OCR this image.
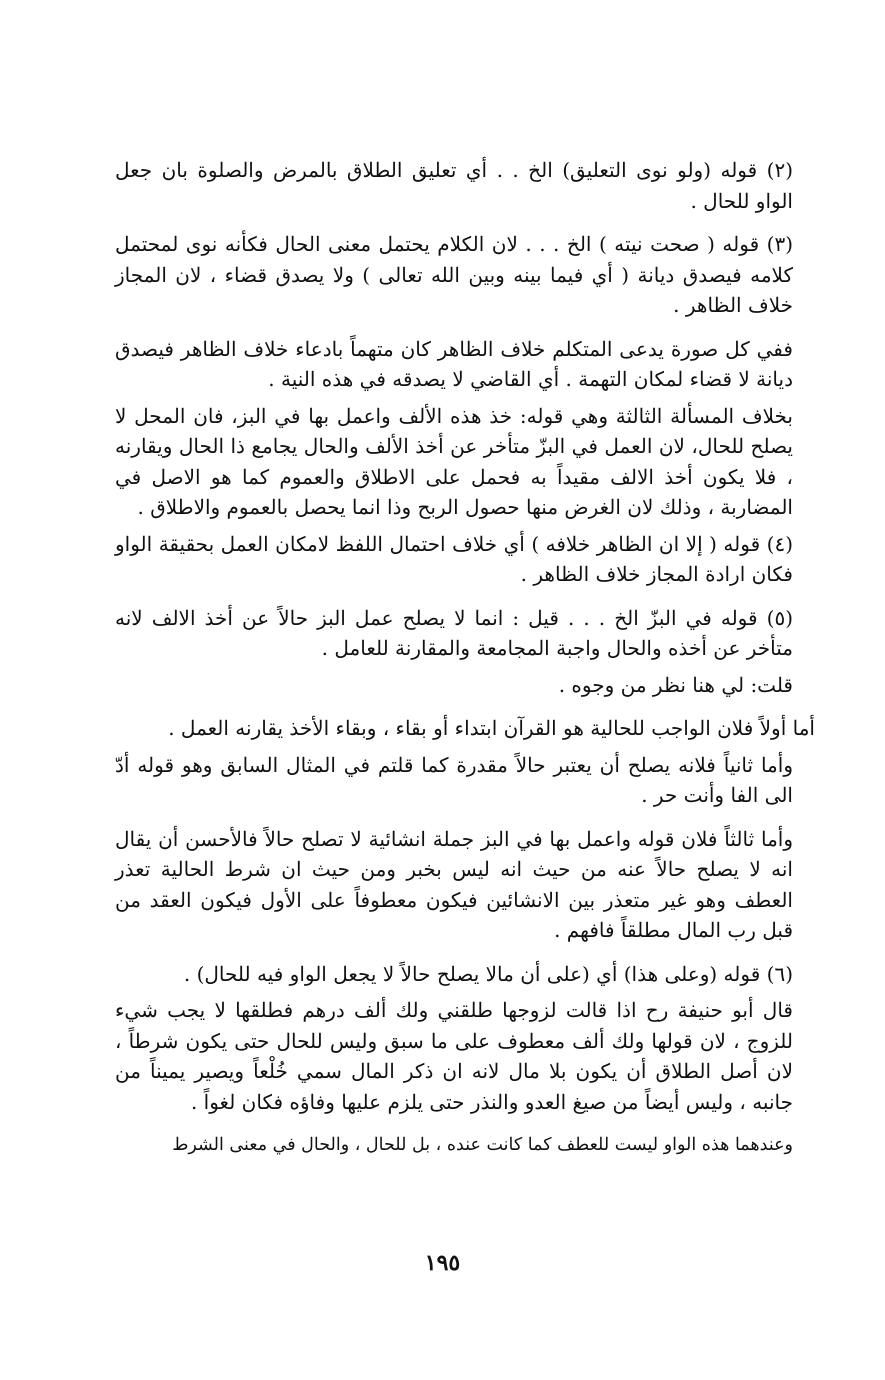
(٢) قوله (ولو نوى التعليق) الخ . . أي تعليق الطلاق بالمرض والصلوة بان جعل الواو للحال .

(٣) قوله ( صحت نيته ) الخ . . . لان الكلام يحتمل معنى الحال فكأنه نوى لمحتمل كلامه فيصدق ديانة ( أي فيما بينه وبين الله تعالى ) ولا يصدق قضاء ، لان المجاز خلاف الظاهر .

ففي كل صورة يدعى المتكلم خلاف الظاهر كان متهماً بادعاء خلاف الظاهر فيصدق ديانة لا قضاء لمكان التهمة . أي القاضي لا يصدقه في هذه النية .

بخلاف المسألة الثالثة وهي قوله: خذ هذه الألف واعمل بها في البز، فان المحل لا يصلح للحال، لان العمل في البزّ متأخر عن أخذ الألف والحال يجامع ذا الحال ويقارنه ، فلا يكون أخذ الالف مقيداً به فحمل على الاطلاق والعموم كما هو الاصل في المضاربة ، وذلك لان الغرض منها حصول الربح وذا انما يحصل بالعموم والاطلاق .

(٤) قوله ( إلا ان الظاهر خلافه ) أي خلاف احتمال اللفظ لامكان العمل بحقيقة الواو فكان ارادة المجاز خلاف الظاهر .

(٥) قوله في البزّ الخ . . . قيل : انما لا يصلح عمل البز حالاً عن أخذ الالف لانه متأخر عن أخذه والحال واجبة المجامعة والمقارنة للعامل .

قلت: لي هنا نظر من وجوه .

أما أولاً فلان الواجب للحالية هو القرآن ابتداء أو بقاء ، وبقاء الأخذ يقارنه العمل .

وأما ثانياً فلانه يصلح أن يعتبر حالاً مقدرة كما قلتم في المثال السابق وهو قوله أدّ الى الفا وأنت حر .

وأما ثالثاً فلان قوله واعمل بها في البز جملة انشائية لا تصلح حالاً فالأحسن أن يقال انه لا يصلح حالاً عنه من حيث انه ليس بخبر ومن حيث ان شرط الحالية تعذر العطف وهو غير متعذر بين الانشائين فيكون معطوفاً على الأول فيكون العقد من قبل رب المال مطلقاً فافهم .

(٦) قوله (وعلى هذا) أي (على أن مالا يصلح حالاً لا يجعل الواو فيه للحال) .

قال أبو حنيفة رح اذا قالت لزوجها طلقني ولك ألف درهم فطلقها لا يجب شيء للزوج ، لان قولها ولك ألف معطوف على ما سبق وليس للحال حتى يكون شرطاً ، لان أصل الطلاق أن يكون بلا مال لانه ان ذكر المال سمي خُلْعاً ويصير يميناً من جانبه ، وليس أيضاً من صيغ العدو والنذر حتى يلزم عليها وفاؤه فكان لغواً .

وعندهما هذه الواو ليست للعطف كما كانت عنده ، بل للحال ، والحال في معنى الشرط

١٩٥
